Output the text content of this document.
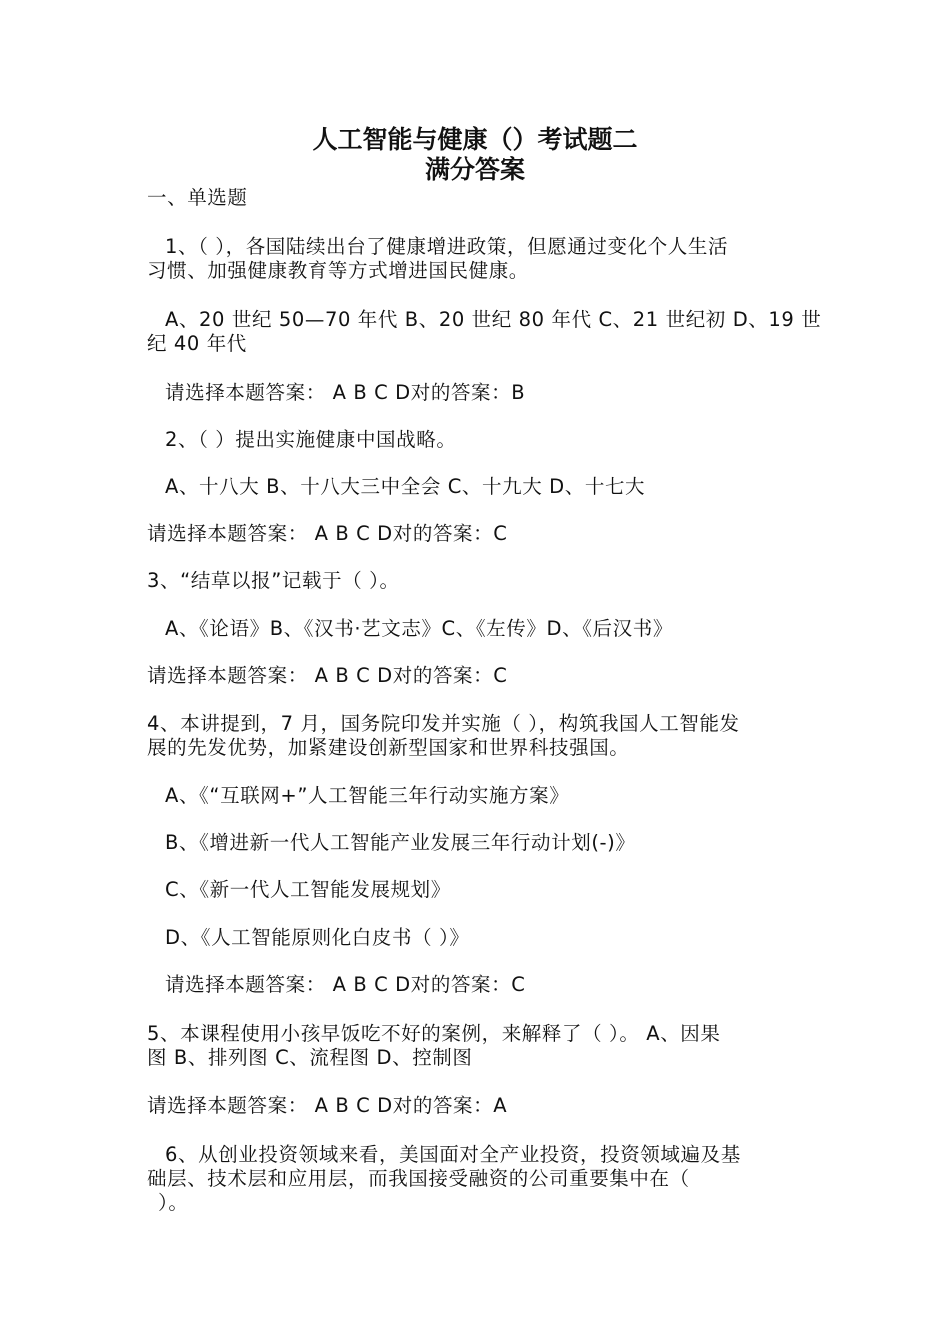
人工智能与健康（）考试题二
满分答案
一、单选题
1、（ ），各国陆续出台了健康增进政策，但愿通过变化个人生活
习惯、加强健康教育等方式增进国民健康。
A、20 世纪 50—70 年代 B、20 世纪 80 年代 C、21 世纪初 D、19 世
纪 40 年代
请选择本题答案： A B C D对的答案：B
2、（ ）提出实施健康中国战略。
A、十八大 B、十八大三中全会 C、十九大 D、十七大
请选择本题答案： A B C D对的答案：C
3、“结草以报”记载于（ ）。
A、《论语》B、《汉书·艺文志》C、《左传》D、《后汉书》
请选择本题答案： A B C D对的答案：C
4、本讲提到，7 月，国务院印发并实施（ ），构筑我国人工智能发
展的先发优势，加紧建设创新型国家和世界科技强国。
A、《“互联网+”人工智能三年行动实施方案》
B、《增进新一代人工智能产业发展三年行动计划(-)》
C、《新一代人工智能发展规划》
D、《人工智能原则化白皮书（ ）》
请选择本题答案： A B C D对的答案：C
5、本课程使用小孩早饭吃不好的案例，来解释了（ ）。 A、因果
图 B、排列图 C、流程图 D、控制图
请选择本题答案： A B C D对的答案：A
6、从创业投资领域来看，美国面对全产业投资，投资领域遍及基
础层、技术层和应用层，而我国接受融资的公司重要集中在（
）。
